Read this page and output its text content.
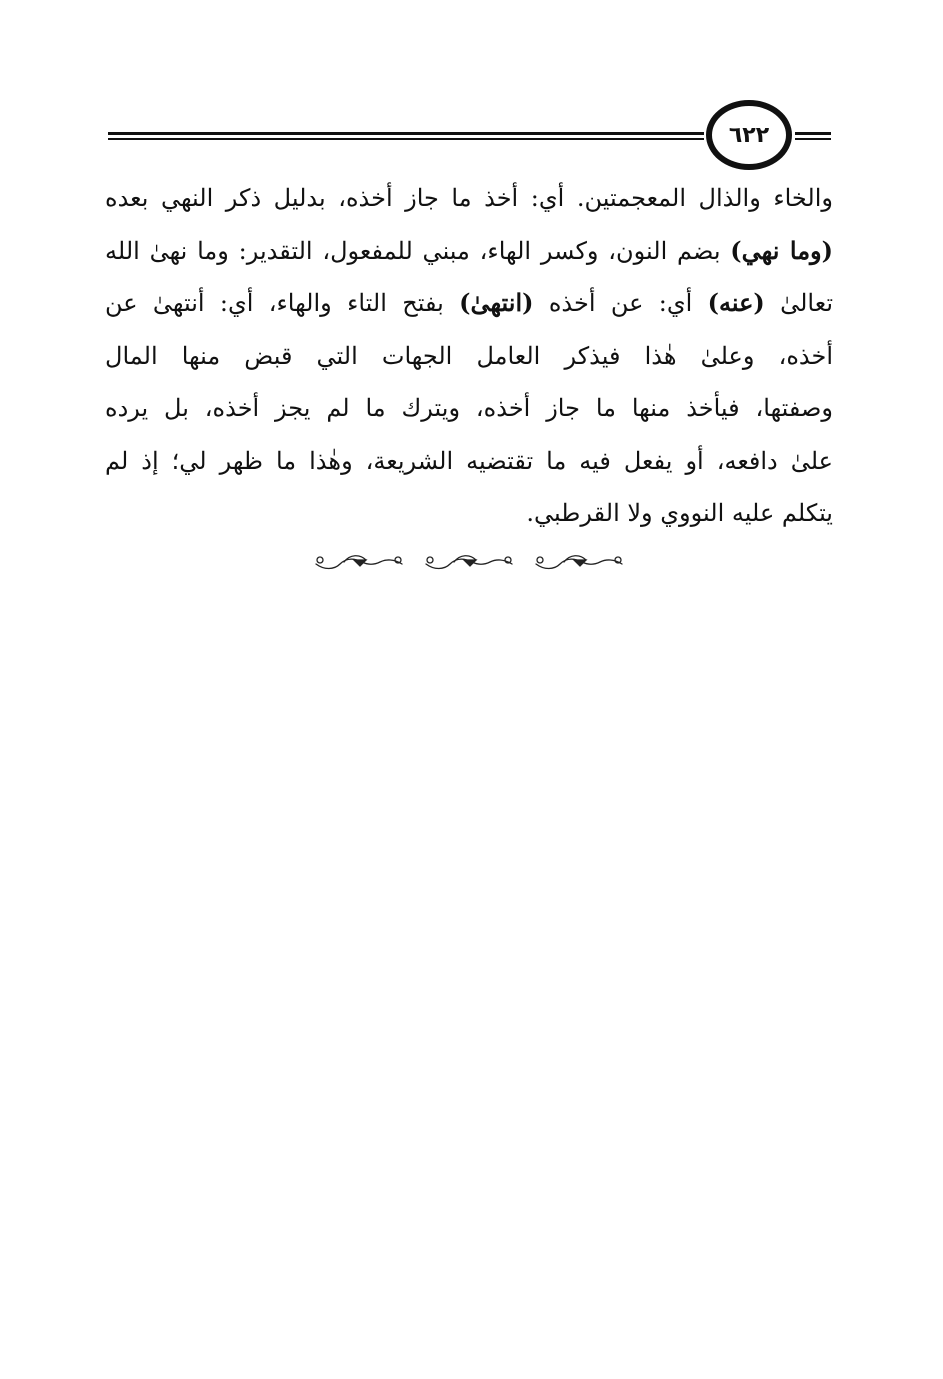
٦٢٢
والخاء والذال المعجمتين. أي: أخذ ما جاز أخذه، بدليل ذكر النهي بعده
(وما نهي) بضم النون، وكسر الهاء، مبني للمفعول، التقدير: وما نهىٰ الله
تعالىٰ (عنه) أي: عن أخذه (انتهىٰ) بفتح التاء والهاء، أي: أنتهىٰ عن
أخذه، وعلىٰ هٰذا فيذكر العامل الجهات التي قبض منها المال
وصفتها، فيأخذ منها ما جاز أخذه، ويترك ما لم يجز أخذه، بل يرده
علىٰ دافعه، أو يفعل فيه ما تقتضيه الشريعة، وهٰذا ما ظهر لي؛ إذ لم
يتكلم عليه النووي ولا القرطبي.
